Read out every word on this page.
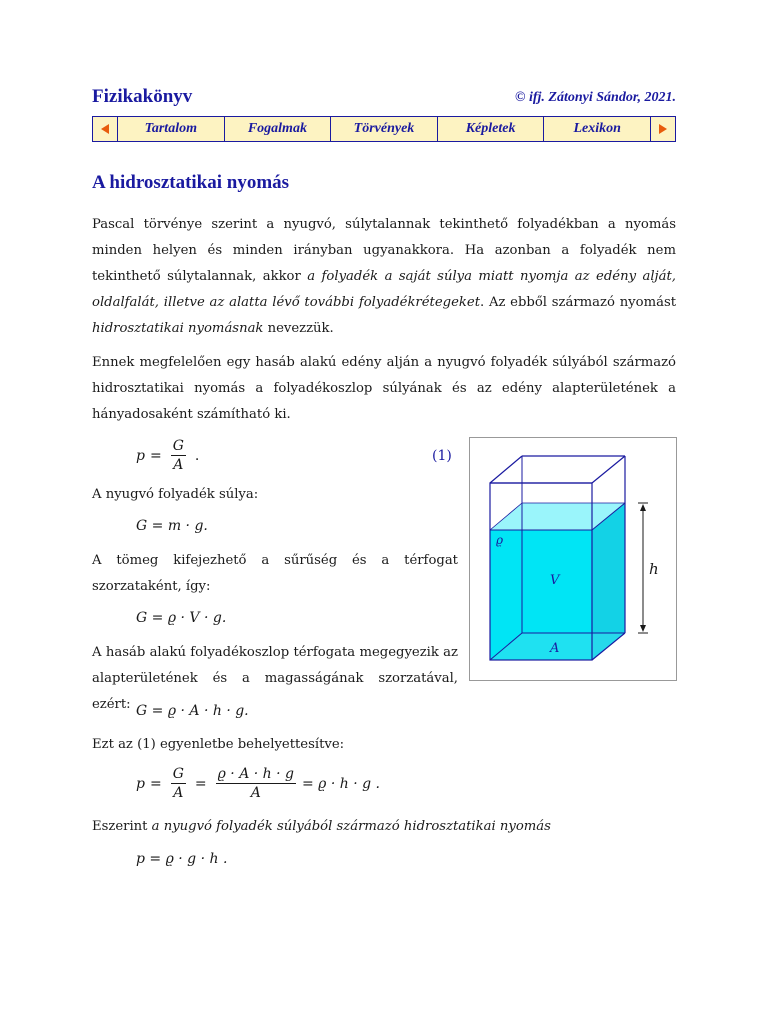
Fizikakönyv	© ifj. Zátonyi Sándor, 2021.
Tartalom	Fogalmak	Törvények	Képletek	Lexikon
A hidrosztatikai nyomás

Pascal törvénye szerint a nyugvó, súlytalannak tekinthető folyadékban a nyomás minden helyen és minden irányban ugyanakkora. Ha azonban a folyadék nem tekinthető súlytalannak, akkor a folyadék a saját súlya miatt nyomja az edény alját, oldalfalát, illetve az alatta lévő további folyadékrétegeket. Az ebből származó nyomást hidrosztatikai nyomásnak nevezzük.

Ennek megfelelően egy hasáb alakú edény alján a nyugvó folyadék súlyából származó hidrosztatikai nyomás a folyadékoszlop súlyának és az edény alapterületének a hányadosaként számítható ki.

$p = \frac{G}{A}$ .	(1)

A nyugvó folyadék súlya:

G = m · g.

A tömeg kifejezhető a sűrűség és a térfogat szorzataként, így:

G = ϱ · V · g.

A hasáb alakú folyadékoszlop térfogata megegyezik az alapterületének és a magasságának szorzatával, ezért: G = ϱ · A · h · g.

Ezt az (1) egyenletbe behelyettesítve:

$p = \frac{G}{A} = \frac{ϱ \cdot A \cdot h \cdot g}{A} = ϱ \cdot h \cdot g$ .

Eszerint a nyugvó folyadék súlyából származó hidrosztatikai nyomás

p = ϱ · g · h .
ϱ
V
A
h
